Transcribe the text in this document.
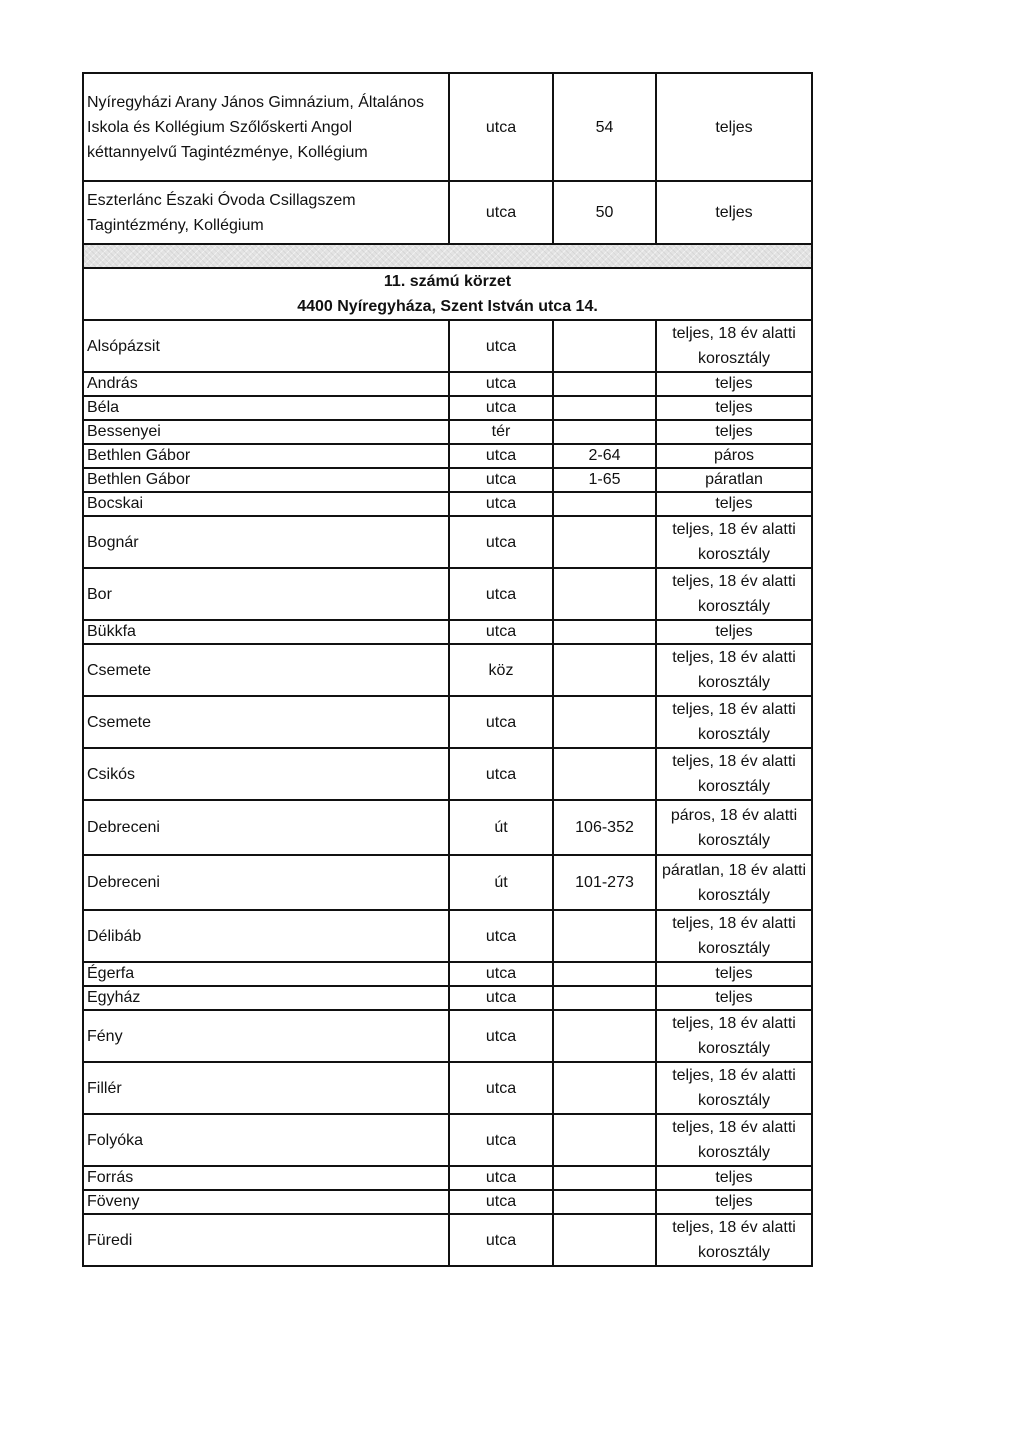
Nyíregyházi Arany János Gimnázium, Általános Iskola és Kollégium Szőlőskerti Angol kéttannyelvű Tagintézménye, Kollégium	utca	54	teljes
Eszterlánc Északi Óvoda Csillagszem Tagintézmény, Kollégium	utca	50	teljes

11. számú körzet
4400 Nyíregyháza, Szent István utca 14.			

Alsópázsit	utca		teljes, 18 év alatti korosztály
András	utca		teljes
Béla	utca		teljes
Bessenyei	tér		teljes
Bethlen Gábor	utca	2-64	páros
Bethlen Gábor	utca	1-65	páratlan
Bocskai	utca		teljes
Bognár	utca		teljes, 18 év alatti korosztály
Bor	utca		teljes, 18 év alatti korosztály
Bükkfa	utca		teljes
Csemete	köz		teljes, 18 év alatti korosztály
Csemete	utca		teljes, 18 év alatti korosztály
Csikós	utca		teljes, 18 év alatti korosztály
Debreceni	út	106-352	páros, 18 év alatti korosztály
Debreceni	út	101-273	páratlan, 18 év alatti korosztály
Délibáb	utca		teljes, 18 év alatti korosztály
Égerfa	utca		teljes
Egyház	utca		teljes
Fény	utca		teljes, 18 év alatti korosztály
Fillér	utca		teljes, 18 év alatti korosztály
Folyóka	utca		teljes, 18 év alatti korosztály
Forrás	utca		teljes
Föveny	utca		teljes
Füredi	utca		teljes, 18 év alatti korosztály
